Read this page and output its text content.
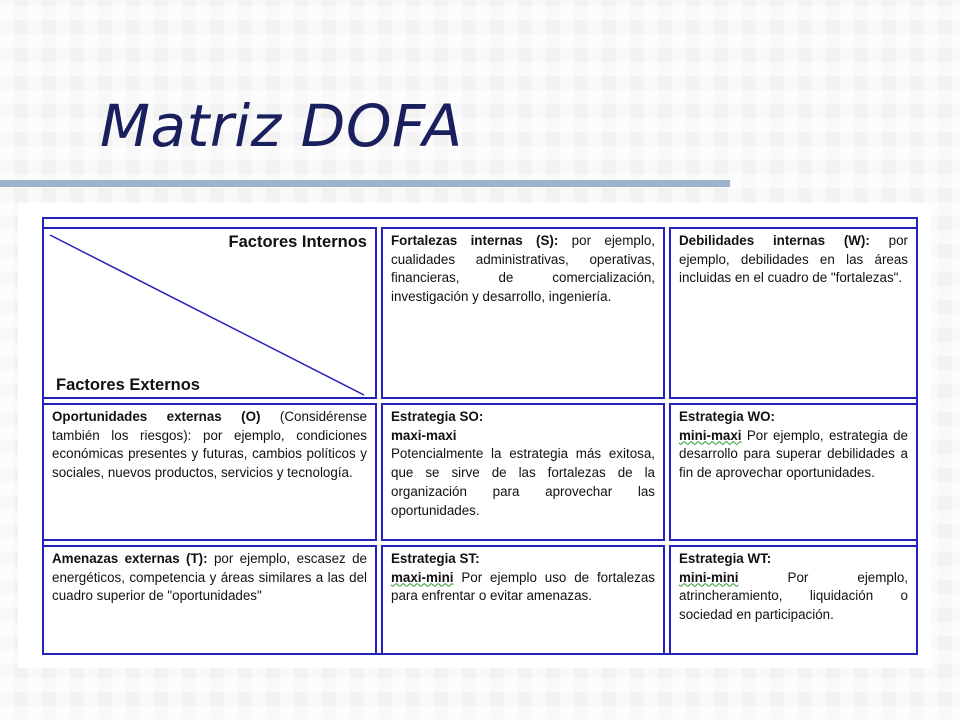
Matriz DOFA
Factores Internos
Factores Externos
Fortalezas internas (S): por ejemplo, cualidades administrativas, operativas, financieras, de comercialización, investigación y desarrollo, ingeniería.
Debilidades internas (W): por ejemplo, debilidades en las áreas incluidas en el cuadro de "fortalezas".
Oportunidades externas (O) (Considérense también los riesgos): por ejemplo, condiciones económicas presentes y futuras, cambios políticos y sociales, nuevos productos, servicios y tecnología.
Estrategia SO:
maxi-maxi
Potencialmente la estrategia más exitosa, que se sirve de las fortalezas de la organización para aprovechar las oportunidades.
Estrategia WO:
mini-maxi Por ejemplo, estrategia de desarrollo para superar debilidades a fin de aprovechar oportunidades.
Amenazas externas (T): por ejemplo, escasez de energéticos, competencia y áreas similares a las del cuadro superior de "oportunidades"
Estrategia ST:
maxi-mini Por ejemplo uso de fortalezas para enfrentar o evitar amenazas.
Estrategia WT:
mini-mini Por ejemplo, atrincheramiento, liquidación o sociedad en participación.
